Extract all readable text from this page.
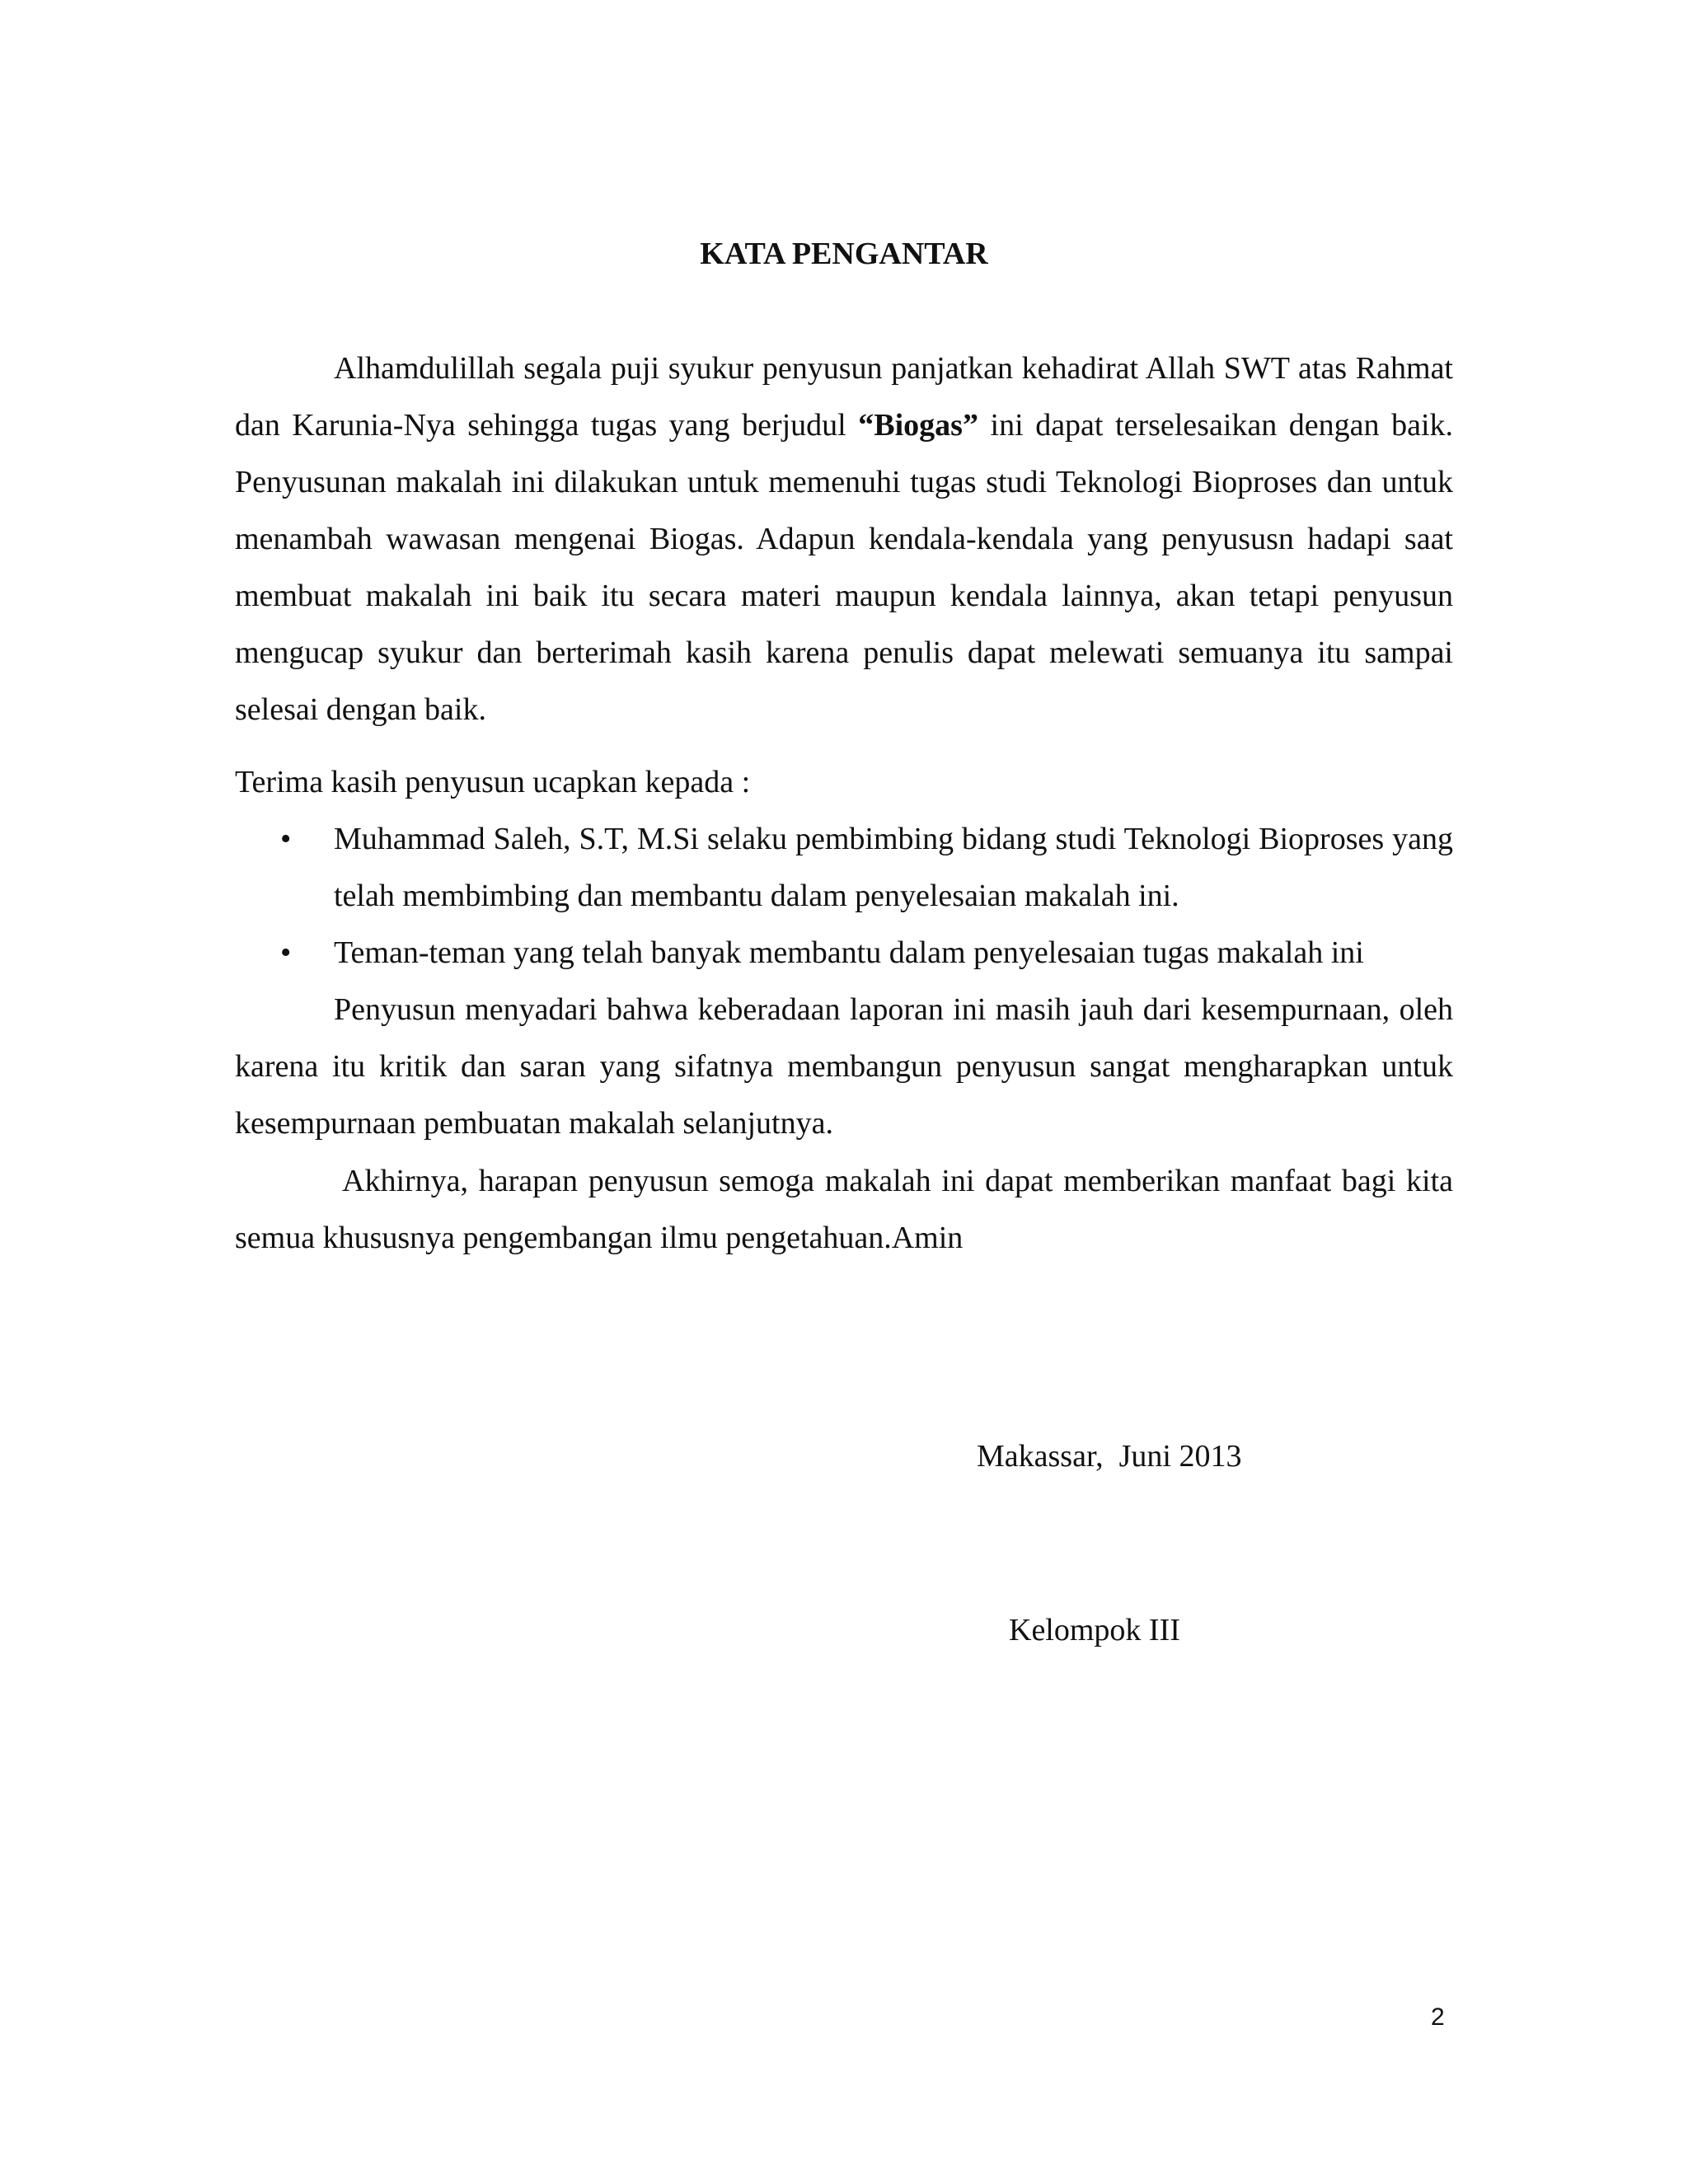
KATA PENGANTAR
Alhamdulillah segala puji syukur penyusun panjatkan kehadirat Allah SWT atas Rahmat dan Karunia-Nya sehingga tugas yang berjudul “Biogas” ini dapat terselesaikan dengan baik. Penyusunan makalah ini dilakukan untuk memenuhi tugas studi Teknologi Bioproses dan untuk menambah wawasan mengenai Biogas. Adapun kendala-kendala yang penyususn hadapi saat membuat makalah ini baik itu secara materi maupun kendala lainnya, akan tetapi penyusun mengucap syukur dan berterimah kasih karena penulis dapat melewati semuanya itu sampai selesai dengan baik.
Terima kasih penyusun ucapkan kepada :
• Muhammad Saleh, S.T, M.Si selaku pembimbing bidang studi Teknologi Bioproses yang telah membimbing dan membantu dalam penyelesaian makalah ini.
• Teman-teman yang telah banyak membantu dalam penyelesaian tugas makalah ini
Penyusun menyadari bahwa keberadaan laporan ini masih jauh dari kesempurnaan, oleh karena itu kritik dan saran yang sifatnya membangun penyusun sangat mengharapkan untuk kesempurnaan pembuatan makalah selanjutnya.
Akhirnya, harapan penyusun semoga makalah ini dapat memberikan manfaat bagi kita semua khususnya pengembangan ilmu pengetahuan.Amin
Makassar,  Juni 2013
Kelompok III
2
